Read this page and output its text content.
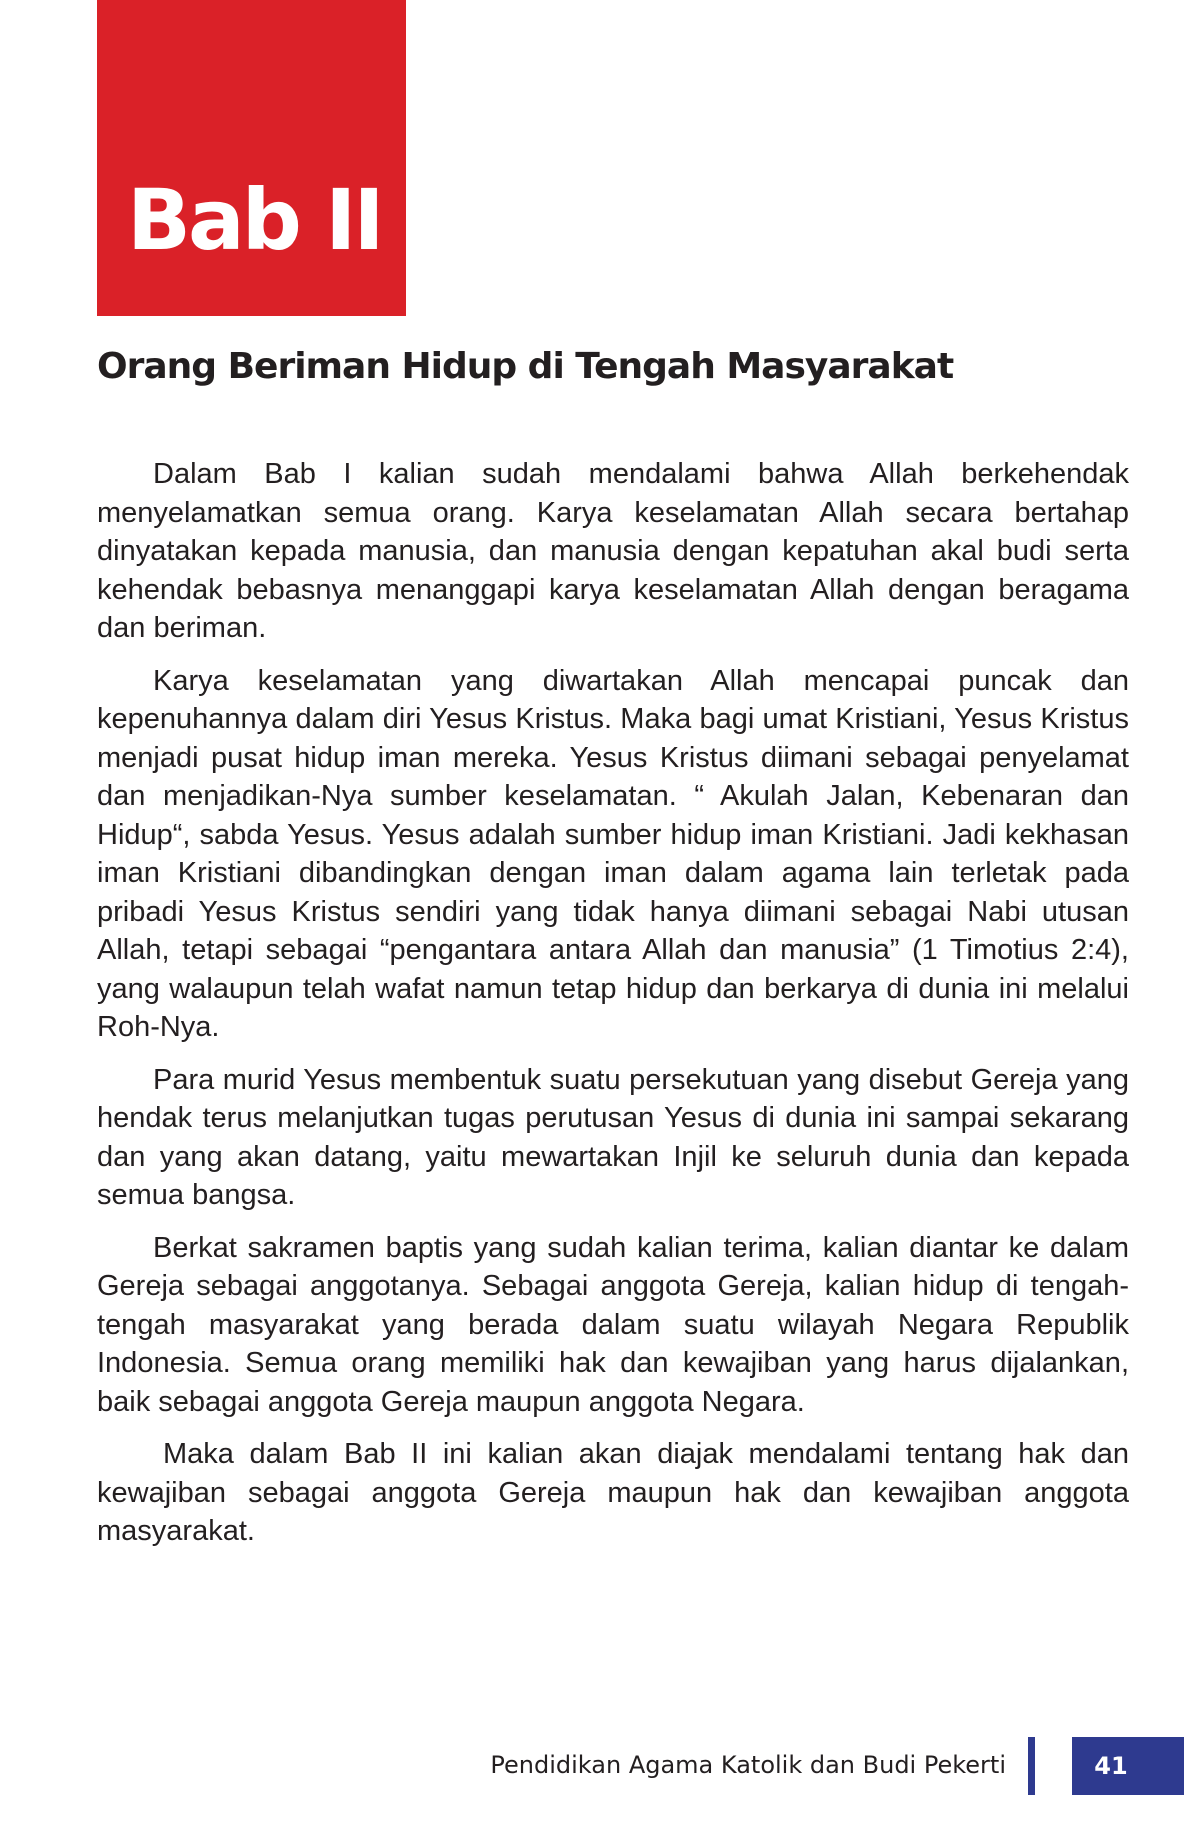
Bab II
Orang Beriman Hidup di Tengah Masyarakat

Dalam Bab I kalian sudah mendalami bahwa Allah berkehendak menyelamatkan semua orang. Karya keselamatan Allah secara bertahap dinyatakan kepada manusia, dan manusia dengan kepatuhan akal budi serta kehendak bebasnya menanggapi karya keselamatan Allah dengan beragama dan beriman.

Karya keselamatan yang diwartakan Allah mencapai puncak dan kepenuhannya dalam diri Yesus Kristus. Maka bagi umat Kristiani, Yesus Kristus menjadi pusat hidup iman mereka. Yesus Kristus diimani sebagai penyelamat dan menjadikan-Nya sumber keselamatan. “ Akulah Jalan, Kebenaran dan Hidup“, sabda Yesus. Yesus adalah sumber hidup iman Kristiani. Jadi kekhasan iman Kristiani dibandingkan dengan iman dalam agama lain terletak pada pribadi Yesus Kristus sendiri yang tidak hanya diimani sebagai Nabi utusan Allah, tetapi sebagai “pengantara antara Allah dan manusia” (1 Timotius 2:4), yang walaupun telah wafat namun tetap hidup dan berkarya di dunia ini melalui Roh-Nya.

Para murid Yesus membentuk suatu persekutuan yang disebut Gereja yang hendak terus melanjutkan tugas perutusan Yesus di dunia ini sampai sekarang dan yang akan datang, yaitu mewartakan Injil ke seluruh dunia dan kepada semua bangsa.

Berkat sakramen baptis yang sudah kalian terima, kalian diantar ke dalam Gereja sebagai anggotanya. Sebagai anggota Gereja, kalian hidup di tengah-tengah masyarakat yang berada dalam suatu wilayah Negara Republik Indonesia. Semua orang memiliki hak dan kewajiban yang harus dijalankan, baik sebagai anggota Gereja maupun anggota Negara.

Maka dalam Bab II ini kalian akan diajak mendalami tentang hak dan kewajiban sebagai anggota Gereja maupun hak dan kewajiban anggota masyarakat.

Pendidikan Agama Katolik dan Budi Pekerti	41
